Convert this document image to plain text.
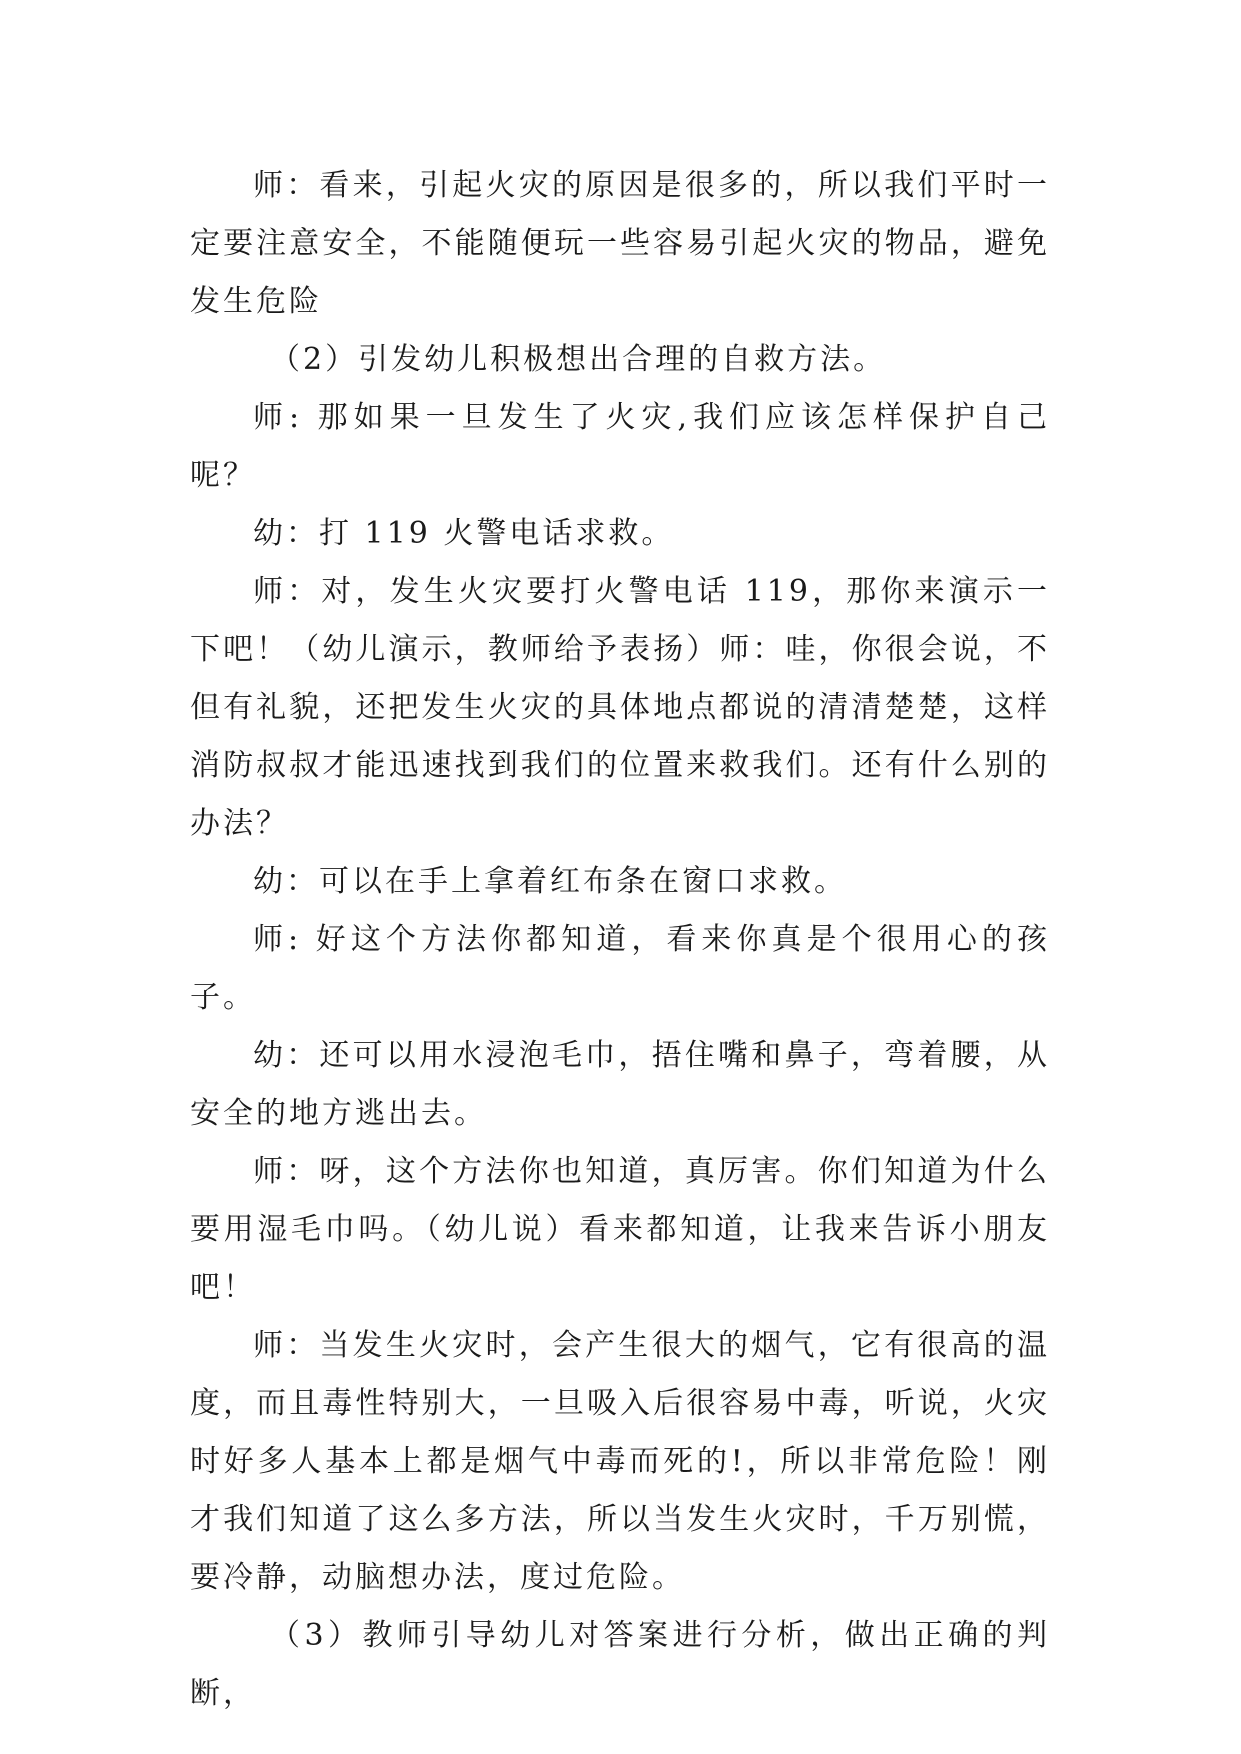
师：看来，引起火灾的原因是很多的，所以我们平时一定要注意安全，不能随便玩一些容易引起火灾的物品，避免发生危险

（2）引发幼儿积极想出合理的自救方法。

师: 那如果一旦发生了火灾,我们应该怎样保护自己呢？

幼：打 119 火警电话求救。

师：对，发生火灾要打火警电话 119，那你来演示一下吧！（幼儿演示，教师给予表扬）师：哇，你很会说，不但有礼貌，还把发生火灾的具体地点都说的清清楚楚，这样消防叔叔才能迅速找到我们的位置来救我们。还有什么别的办法？

幼：可以在手上拿着红布条在窗口求救。

师: 好这个方法你都知道，看来你真是个很用心的孩子。

幼：还可以用水浸泡毛巾，捂住嘴和鼻子，弯着腰，从安全的地方逃出去。

师：呀，这个方法你也知道，真厉害。你们知道为什么要用湿毛巾吗。（幼儿说）看来都知道，让我来告诉小朋友吧！

师：当发生火灾时，会产生很大的烟气，它有很高的温度，而且毒性特别大，一旦吸入后很容易中毒，听说，火灾时好多人基本上都是烟气中毒而死的!，所以非常危险！刚才我们知道了这么多方法，所以当发生火灾时，千万别慌，要冷静，动脑想办法，度过危险。

（3）教师引导幼儿对答案进行分析，做出正确的判断，
